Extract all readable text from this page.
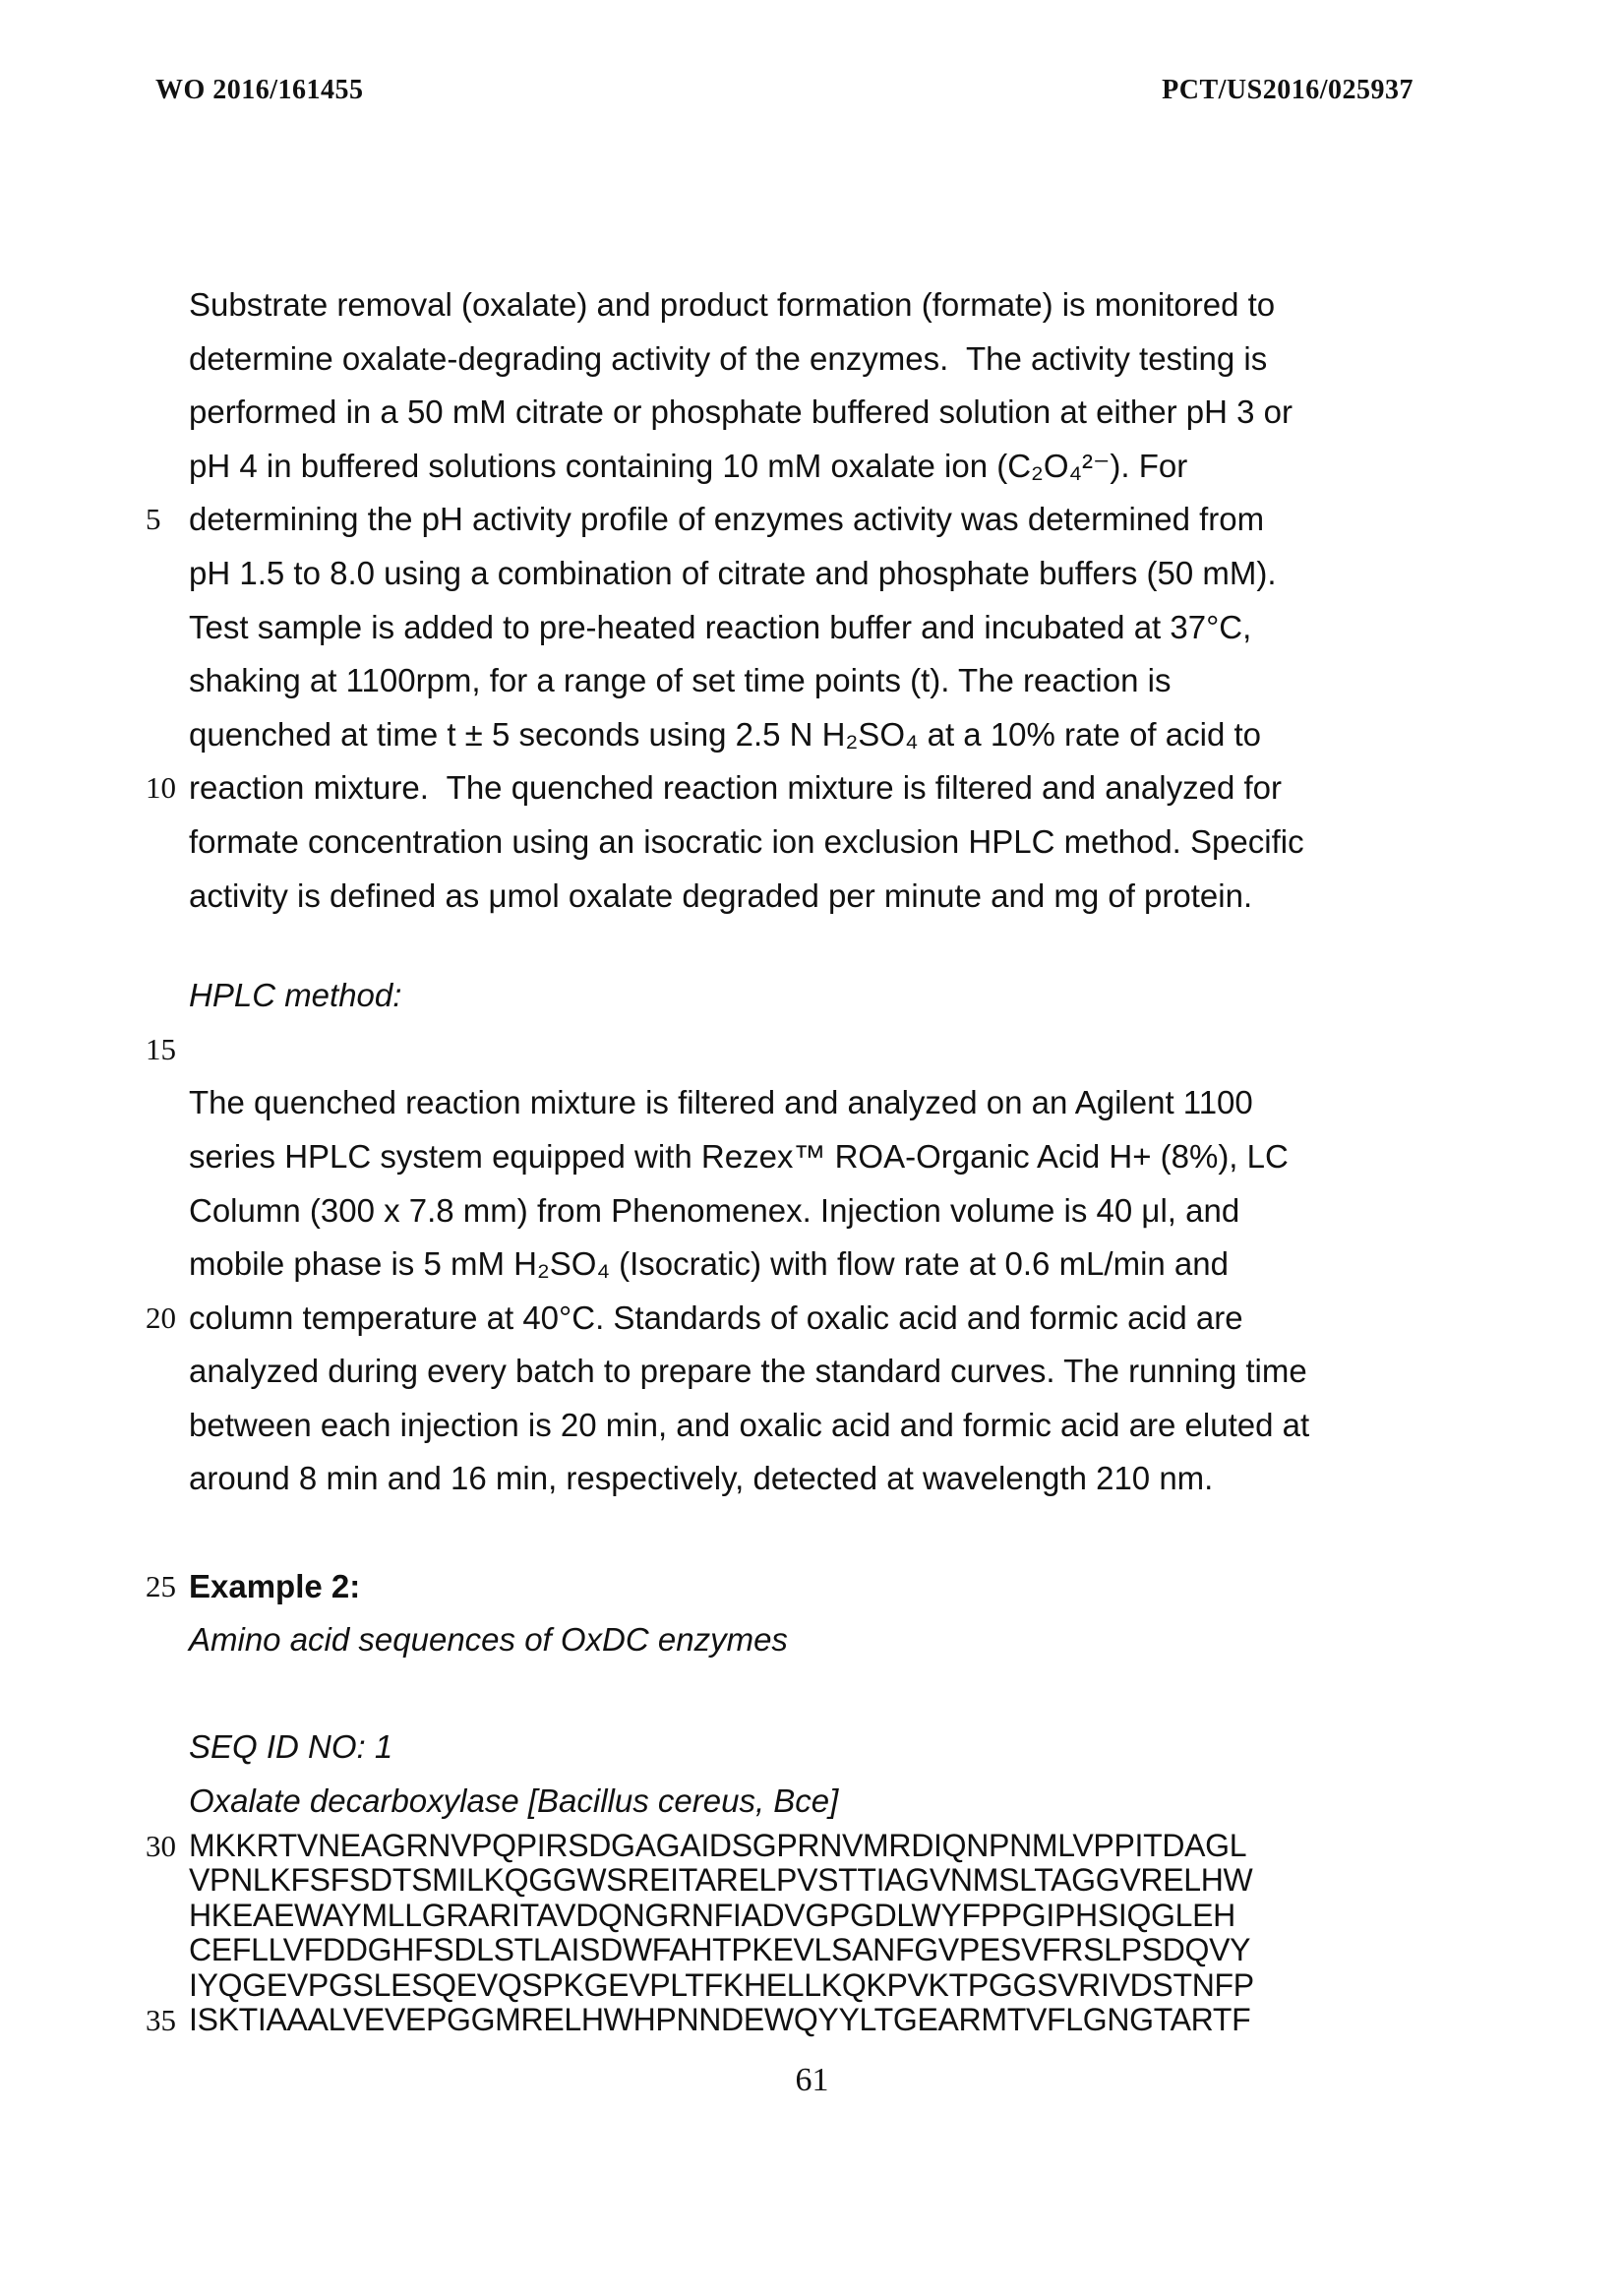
WO 2016/161455	PCT/US2016/025937
Substrate removal (oxalate) and product formation (formate) is monitored to
determine oxalate-degrading activity of the enzymes.  The activity testing is
performed in a 50 mM citrate or phosphate buffered solution at either pH 3 or
pH 4 in buffered solutions containing 10 mM oxalate ion (C₂O₄²⁻). For
5 determining the pH activity profile of enzymes activity was determined from
pH 1.5 to 8.0 using a combination of citrate and phosphate buffers (50 mM).
Test sample is added to pre-heated reaction buffer and incubated at 37°C,
shaking at 1100rpm, for a range of set time points (t). The reaction is
quenched at time t ± 5 seconds using 2.5 N H₂SO₄ at a 10% rate of acid to
10 reaction mixture.  The quenched reaction mixture is filtered and analyzed for
formate concentration using an isocratic ion exclusion HPLC method. Specific
activity is defined as μmol oxalate degraded per minute and mg of protein.
HPLC method:
15
The quenched reaction mixture is filtered and analyzed on an Agilent 1100
series HPLC system equipped with Rezex™ ROA-Organic Acid H+ (8%), LC
Column (300 x 7.8 mm) from Phenomenex. Injection volume is 40 μl, and
mobile phase is 5 mM H₂SO₄ (Isocratic) with flow rate at 0.6 mL/min and
20 column temperature at 40°C. Standards of oxalic acid and formic acid are
analyzed during every batch to prepare the standard curves. The running time
between each injection is 20 min, and oxalic acid and formic acid are eluted at
around 8 min and 16 min, respectively, detected at wavelength 210 nm.
25 Example 2:
Amino acid sequences of OxDC enzymes
SEQ ID NO: 1
Oxalate decarboxylase [Bacillus cereus, Bce]
30 MKKRTVNEAGRNVPQPIRSDGAGAIDSGPRNVMRDIQNPNMLVPPITDAGL
VPNLKFSFSDTSMILKQGGWSREITARELPVSTTIAGVNMSLTAGGVRELHW
HKEAEWAYMLLGRARITAVDQNGRNFIADVGPGDLWYFPPGIPHSIQGLEH
CEFLLVFDDGHFSDLSTLAISDWFAHTPKEVLSANFGVPESVFRSLPSDQVY
IYQGEVPGSLESQEVQSPKGEVPLTFKHELLKQKPVKTPGGSVRIVDSTNFP
35 ISKTIAAALVEVEPGGMRELHWHPNNDEWQYYLTGEARMTVFLGNGTARTF
61
